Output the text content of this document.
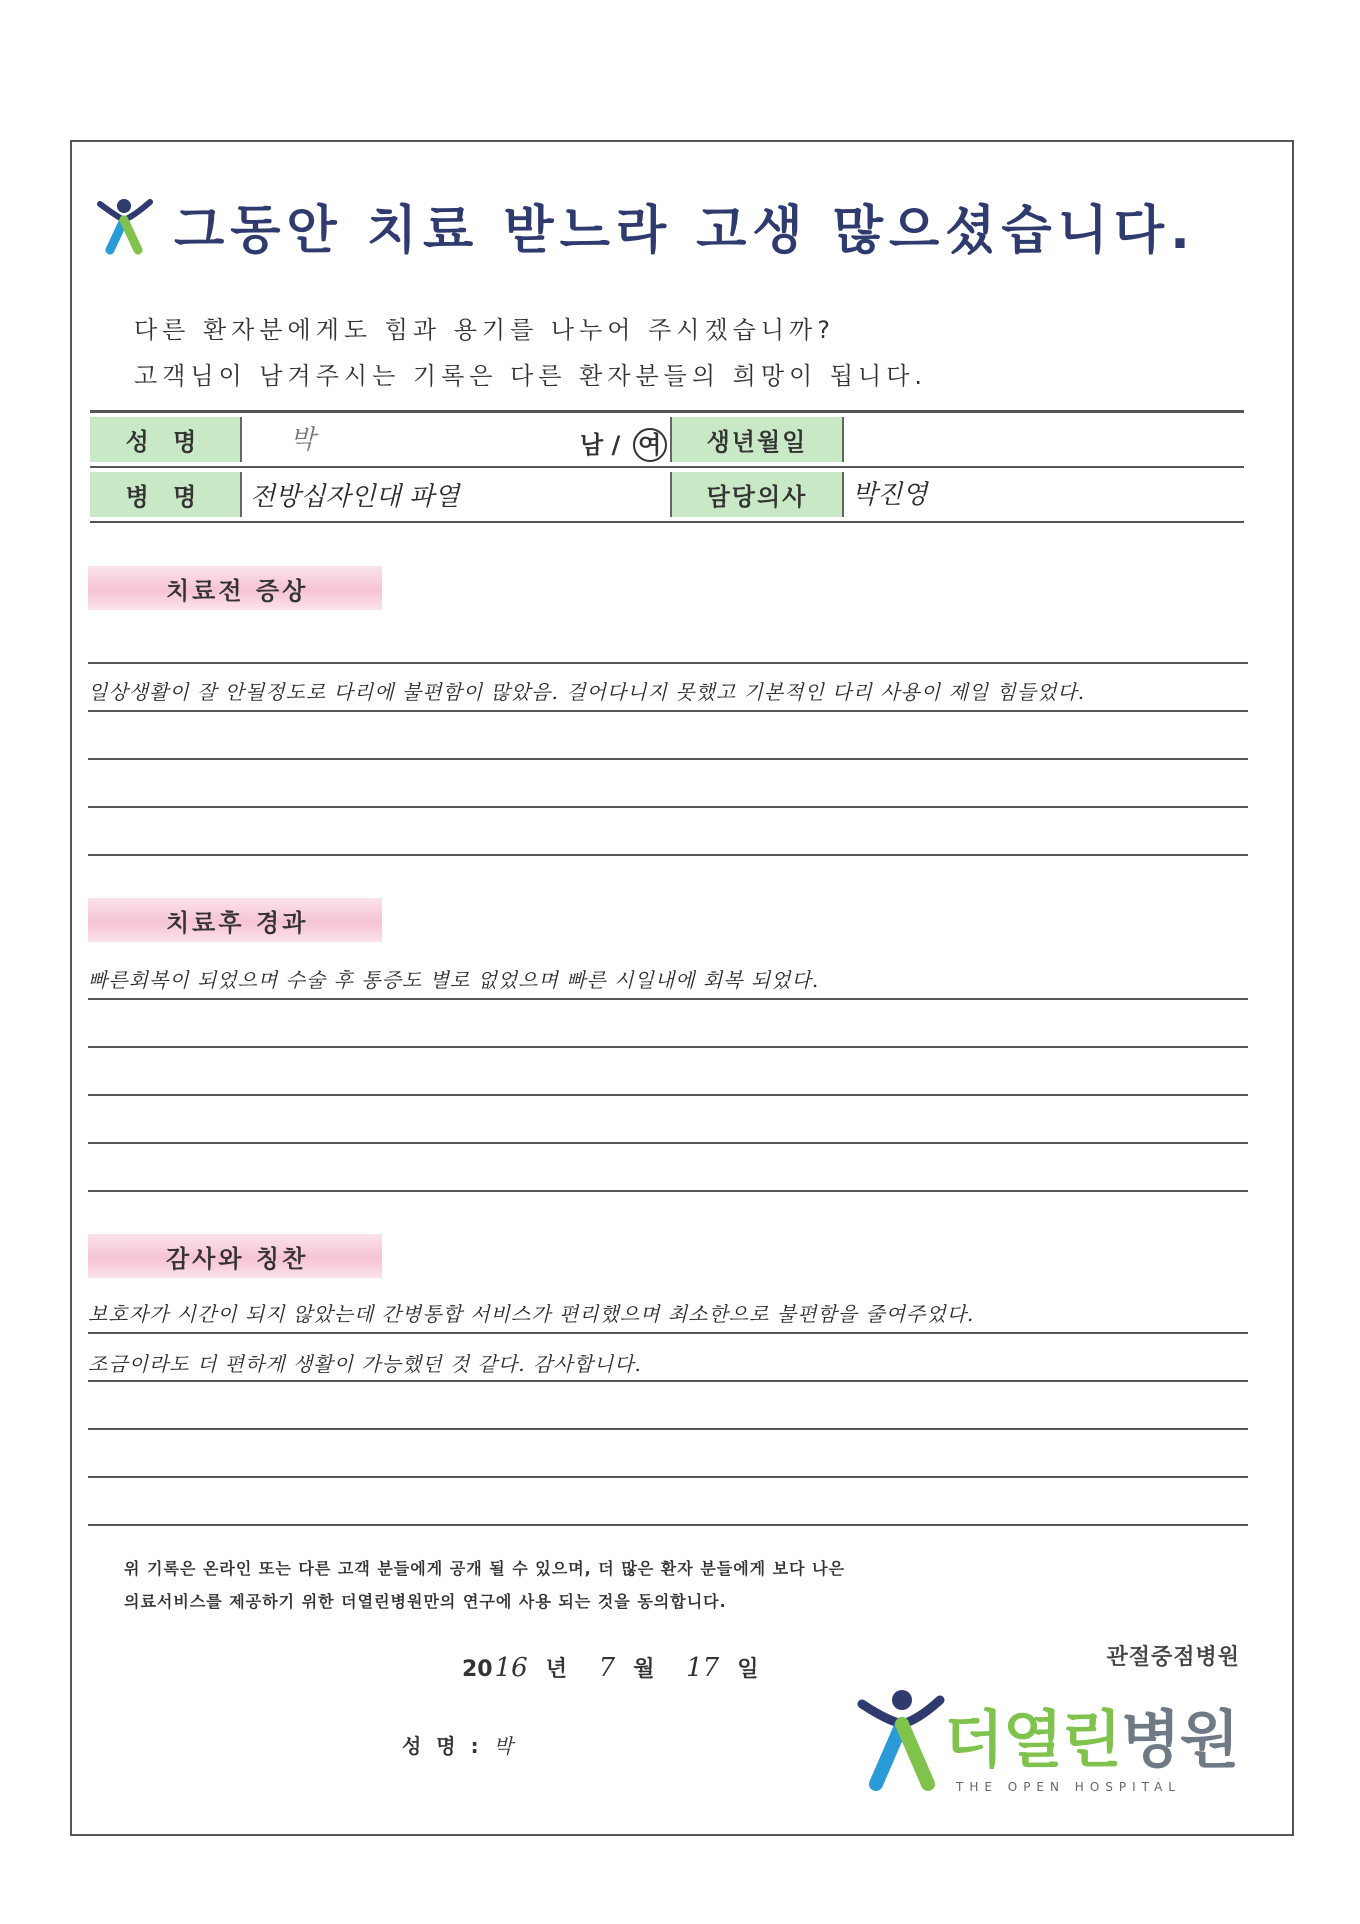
그동안 치료 받느라 고생 많으셨습니다.
다른 환자분에게도 힘과 용기를 나누어 주시겠습니까?
고객님이 남겨주시는 기록은 다른 환자분들의 희망이 됩니다.
성 명	박	남 / 여	생년월일
병 명	전방십자인대 파열	담당의사	박진영
치료전 증상
일상생활이 잘 안될정도로 다리에 불편함이 많았음. 걸어다니지 못했고 기본적인 다리 사용이 제일 힘들었다.
치료후 경과
빠른회복이 되었으며 수술 후 통증도 별로 없었으며 빠른 시일내에 회복 되었다.
감사와 칭찬
보호자가 시간이 되지 않았는데 간병통합 서비스가 편리했으며 최소한으로 불편함을 줄여주었다.
조금이라도 더 편하게 생활이 가능했던 것 같다. 감사합니다.
위 기록은 온라인 또는 다른 고객 분들에게 공개 될 수 있으며, 더 많은 환자 분들에게 보다 나은
의료서비스를 제공하기 위한 더열린병원만의 연구에 사용 되는 것을 동의합니다.
2016 년 7 월 17 일
성 명 : 박
관절중점병원
더열린병원
THE OPEN HOSPITAL
